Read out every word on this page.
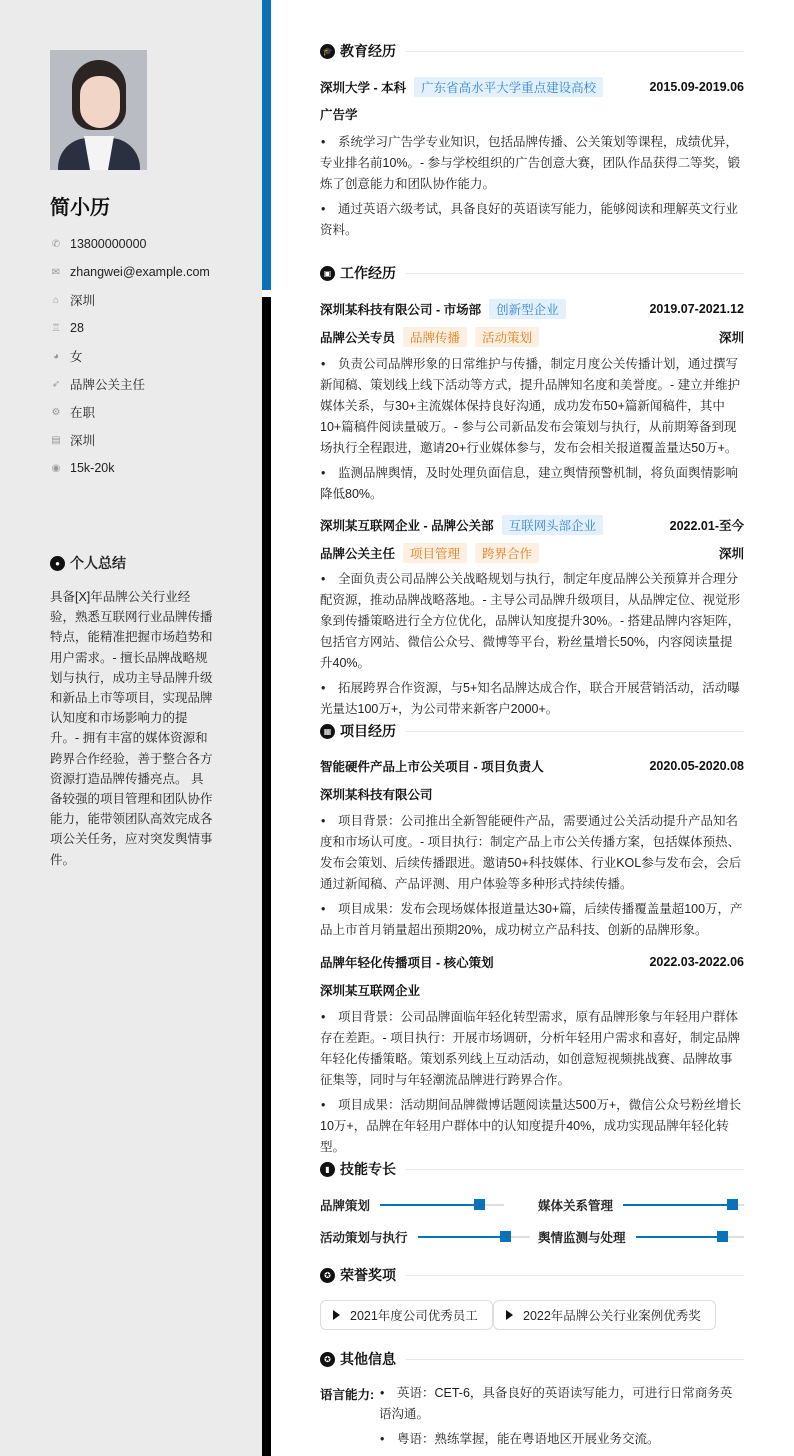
简小历
✆ 13800000000
✉ zhangwei@example.com
⌂ 深圳
♖ 28
◕ 女
➶ 品牌公关主任
⚙ 在职
▤ 深圳
◉ 15k-20k
● 个人总结
具备[X]年品牌公关行业经验，熟悉互联网行业品牌传播特点，能精准把握市场趋势和用户需求。- 擅长品牌战略规划与执行，成功主导品牌升级和新品上市等项目，实现品牌认知度和市场影响力的提升。- 拥有丰富的媒体资源和跨界合作经验，善于整合各方资源打造品牌传播亮点。 具备较强的项目管理和团队协作能力，能带领团队高效完成各项公关任务，应对突发舆情事件。
🎓 教育经历
深圳大学 - 本科	广东省高水平大学重点建设高校	2015.09-2019.06
广告学
• 系统学习广告学专业知识，包括品牌传播、公关策划等课程，成绩优异，专业排名前10%。- 参与学校组织的广告创意大赛，团队作品获得二等奖，锻炼了创意能力和团队协作能力。
• 通过英语六级考试，具备良好的英语读写能力，能够阅读和理解英文行业资料。
▣ 工作经历
深圳某科技有限公司 - 市场部	创新型企业	2019.07-2021.12
品牌公关专员	品牌传播	活动策划	深圳
• 负责公司品牌形象的日常维护与传播，制定月度公关传播计划，通过撰写新闻稿、策划线上线下活动等方式，提升品牌知名度和美誉度。- 建立并维护媒体关系，与30+主流媒体保持良好沟通，成功发布50+篇新闻稿件，其中10+篇稿件阅读量破万。- 参与公司新品发布会策划与执行，从前期筹备到现场执行全程跟进，邀请20+行业媒体参与，发布会相关报道覆盖量达50万+。
• 监测品牌舆情，及时处理负面信息，建立舆情预警机制，将负面舆情影响降低80%。
深圳某互联网企业 - 品牌公关部	互联网头部企业	2022.01-至今
品牌公关主任	项目管理	跨界合作	深圳
• 全面负责公司品牌公关战略规划与执行，制定年度品牌公关预算并合理分配资源，推动品牌战略落地。- 主导公司品牌升级项目，从品牌定位、视觉形象到传播策略进行全方位优化，品牌认知度提升30%。- 搭建品牌内容矩阵，包括官方网站、微信公众号、微博等平台，粉丝量增长50%，内容阅读量提升40%。
• 拓展跨界合作资源，与5+知名品牌达成合作，联合开展营销活动，活动曝光量达100万+，为公司带来新客户2000+。
▦ 项目经历
智能硬件产品上市公关项目 - 项目负责人	2020.05-2020.08
深圳某科技有限公司
• 项目背景：公司推出全新智能硬件产品，需要通过公关活动提升产品知名度和市场认可度。- 项目执行：制定产品上市公关传播方案，包括媒体预热、发布会策划、后续传播跟进。邀请50+科技媒体、行业KOL参与发布会，会后通过新闻稿、产品评测、用户体验等多种形式持续传播。
• 项目成果：发布会现场媒体报道量达30+篇，后续传播覆盖量超100万，产品上市首月销量超出预期20%，成功树立产品科技、创新的品牌形象。
品牌年轻化传播项目 - 核心策划	2022.03-2022.06
深圳某互联网企业
• 项目背景：公司品牌面临年轻化转型需求，原有品牌形象与年轻用户群体存在差距。- 项目执行：开展市场调研，分析年轻用户需求和喜好，制定品牌年轻化传播策略。策划系列线上互动活动，如创意短视频挑战赛、品牌故事征集等，同时与年轻潮流品牌进行跨界合作。
• 项目成果：活动期间品牌微博话题阅读量达500万+，微信公众号粉丝增长10万+，品牌在年轻用户群体中的认知度提升40%，成功实现品牌年轻化转型。
▮ 技能专长
品牌策划	媒体关系管理
活动策划与执行	舆情监测与处理
✪ 荣誉奖项
2021年度公司优秀员工	2022年品牌公关行业案例优秀奖
✪ 其他信息
语言能力:	• 英语：CET-6，具备良好的英语读写能力，可进行日常商务英语沟通。
• 粤语：熟练掌握，能在粤语地区开展业务交流。
